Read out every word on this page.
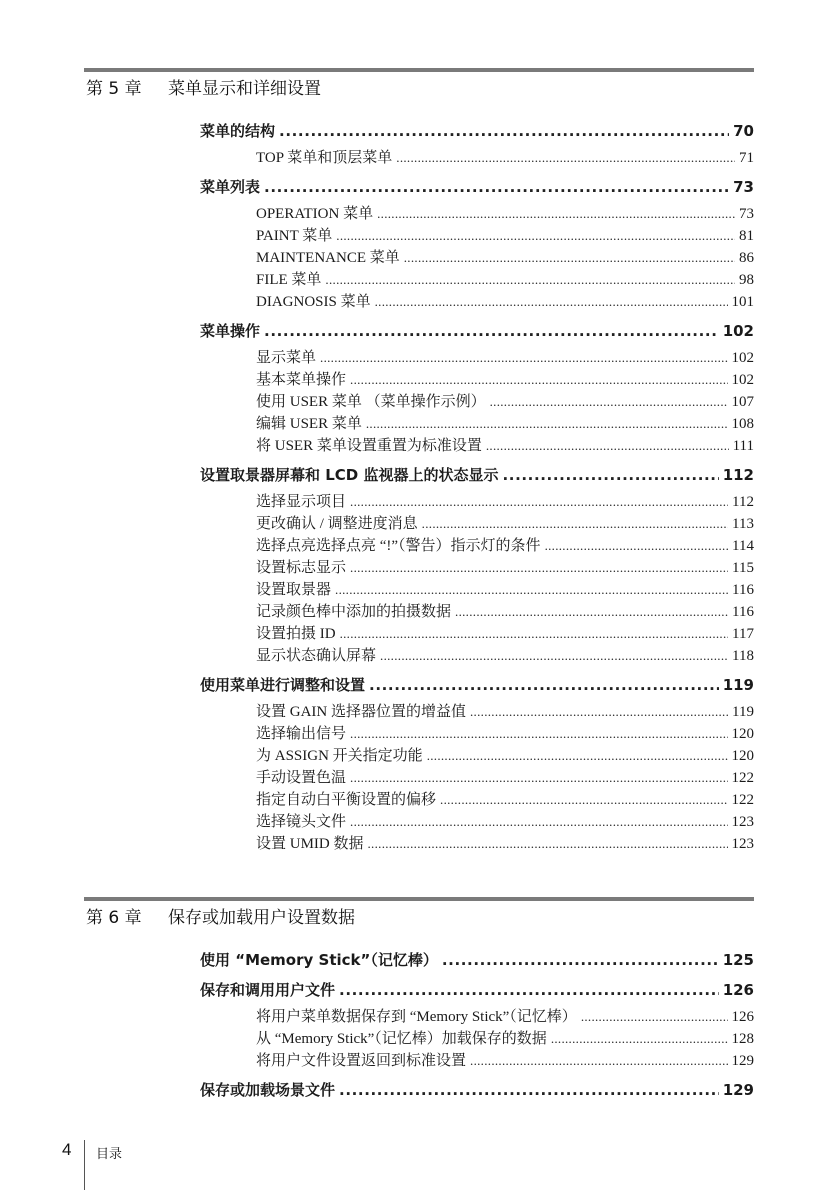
第 5 章 菜单显示和详细设置
菜单的结构 .....	70
TOP 菜单和顶层菜单 .....	71
菜单列表 .....	73
OPERATION 菜单 .....	73
PAINT 菜单 .....	81
MAINTENANCE 菜单 .....	86
FILE 菜单 .....	98
DIAGNOSIS 菜单 .....	101
菜单操作 .....	102
显示菜单 .....	102
基本菜单操作 .....	102
使用 USER 菜单 （菜单操作示例） .....	107
编辑 USER 菜单 .....	108
将 USER 菜单设置重置为标准设置 .....	111
设置取景器屏幕和 LCD 监视器上的状态显示 .....	112
选择显示项目 .....	112
更改确认 / 调整进度消息 .....	113
选择点亮选择点亮 “!”（警告）指示灯的条件 .....	114
设置标志显示 .....	115
设置取景器 .....	116
记录颜色棒中添加的拍摄数据 .....	116
设置拍摄 ID .....	117
显示状态确认屏幕 .....	118
使用菜单进行调整和设置 .....	119
设置 GAIN 选择器位置的增益值 .....	119
选择输出信号 .....	120
为 ASSIGN 开关指定功能 .....	120
手动设置色温 .....	122
指定自动白平衡设置的偏移 .....	122
选择镜头文件 .....	123
设置 UMID 数据 .....	123
第 6 章 保存或加载用户设置数据
使用 “Memory Stick”（记忆棒） .....	125
保存和调用用户文件 .....	126
将用户菜单数据保存到 “Memory Stick”（记忆棒） .....	126
从 “Memory Stick”（记忆棒）加载保存的数据 .....	128
将用户文件设置返回到标准设置 .....	129
保存或加载场景文件 .....	129
4 目录
